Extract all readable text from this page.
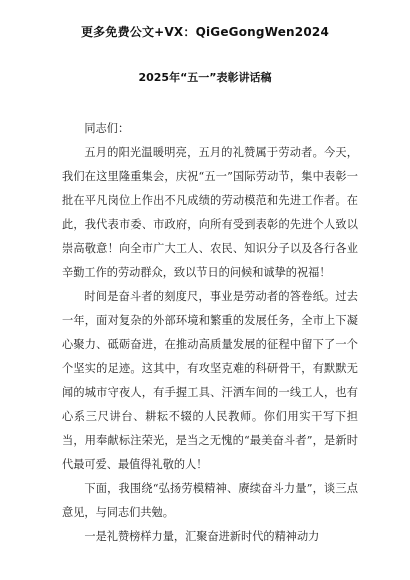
更多免费公文+VX：QiGeGongWen2024
2025年“五一”表彰讲话稿

同志们：

五月的阳光温暖明亮，五月的礼赞属于劳动者。今天，我们在这里隆重集会，庆祝“五一”国际劳动节，集中表彰一批在平凡岗位上作出不凡成绩的劳动模范和先进工作者。在此，我代表市委、市政府，向所有受到表彰的先进个人致以崇高敬意！向全市广大工人、农民、知识分子以及各行各业辛勤工作的劳动群众，致以节日的问候和诚挚的祝福！

时间是奋斗者的刻度尺，事业是劳动者的答卷纸。过去一年，面对复杂的外部环境和繁重的发展任务，全市上下凝心聚力、砥砺奋进，在推动高质量发展的征程中留下了一个个坚实的足迹。这其中，有攻坚克难的科研骨干，有默默无闻的城市守夜人，有手握工具、汗洒车间的一线工人，也有心系三尺讲台、耕耘不辍的人民教师。你们用实干写下担当，用奉献标注荣光，是当之无愧的“最美奋斗者”，是新时代最可爱、最值得礼敬的人！

下面，我围绕“弘扬劳模精神、赓续奋斗力量”，谈三点意见，与同志们共勉。

一是礼赞榜样力量，汇聚奋进新时代的精神动力
